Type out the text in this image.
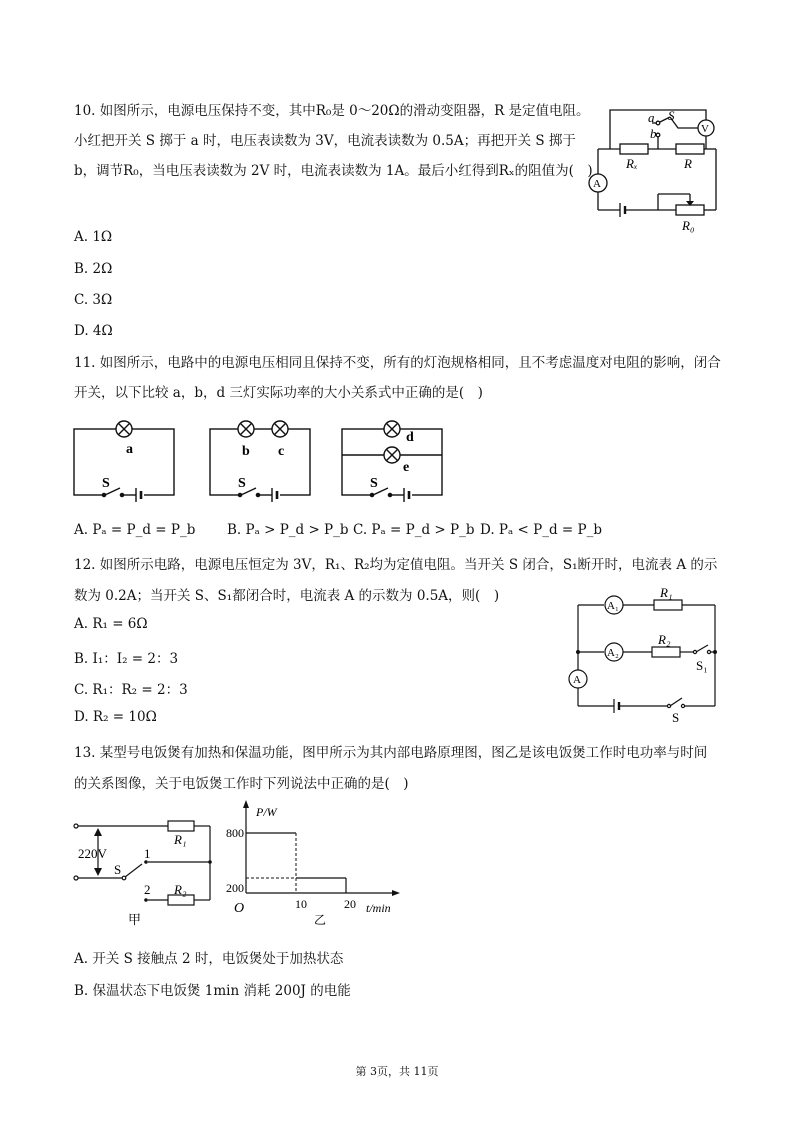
10. 如图所示，电源电压保持不变，其中R₀是 0～20Ω的滑动变阻器，R 是定值电阻。小红把开关 S 掷于 a 时，电压表读数为 3V，电流表读数为 0.5A；再把开关 S 掷于 b，调节R₀，当电压表读数为 2V 时，电流表读数为 1A。最后小红得到Rₓ的阻值为(　)
A. 1Ω
B. 2Ω
C. 3Ω
D. 4Ω
a
b
S
V
A
Rₓ	R
R₀
11. 如图所示，电路中的电源电压相同且保持不变，所有的灯泡规格相同，且不考虑温度对电阻的影响，闭合开关，以下比较 a，b，d 三灯实际功率的大小关系式中正确的是(　)
a	b c
d
e
S	S	S
A. Pₐ = P_d = P_b B. Pₐ > P_d > P_b C. Pₐ = P_d > P_b D. Pₐ < P_d = P_b
12. 如图所示电路，电源电压恒定为 3V，R₁、R₂均为定值电阻。当开关 S 闭合，S₁断开时，电流表 A 的示
数为 0.2A；当开关 S、S₁都闭合时，电流表 A 的示数为 0.5A，则(　)
A. R₁ = 6Ω
B. I₁：I₂ = 2：3
C. R₁：R₂ = 2：3
D. R₂ = 10Ω
A₁
A₂
A
R₁
R₂
S₁
S
13. 某型号电饭煲有加热和保温功能，图甲所示为其内部电路原理图，图乙是该电饭煲工作时电功率与时间
的关系图像，关于电饭煲工作时下列说法中正确的是(　)
220V
S
1
2
R₁
R₂
甲
P/W
t/min
O
800
200
10	20
乙
A. 开关 S 接触点 2 时，电饭煲处于加热状态
B. 保温状态下电饭煲 1min 消耗 200J 的电能
第 3页，共 11页
